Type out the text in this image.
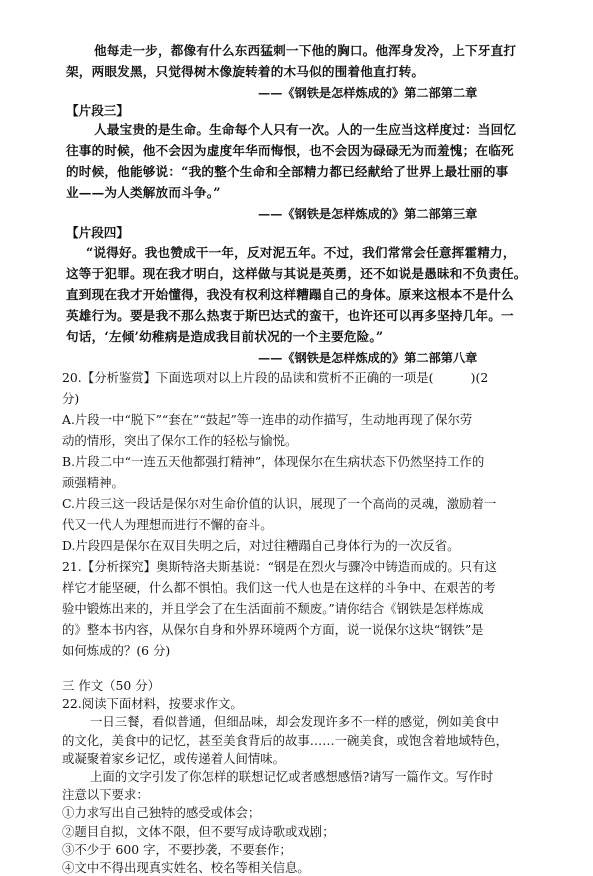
他每走一步，都像有什么东西猛刺一下他的胸口。他浑身发冷，上下牙直打
架，两眼发黑，只觉得树木像旋转着的木马似的围着他直打转。
——《钢铁是怎样炼成的》第二部第二章
【片段三】
人最宝贵的是生命。生命每个人只有一次。人的一生应当这样度过：当回忆
往事的时候，他不会因为虚度年华而悔恨，也不会因为碌碌无为而羞愧；在临死
的时候，他能够说：“我的整个生命和全部精力都已经献给了世界上最壮丽的事
业——为人类解放而斗争。”
——《钢铁是怎样炼成的》第二部第三章
【片段四】
“说得好。我也赞成干一年，反对泥五年。不过，我们常常会任意挥霍精力，
这等于犯罪。现在我才明白，这样做与其说是英勇，还不如说是愚昧和不负责任。
直到现在我才开始懂得，我没有权利这样糟蹋自己的身体。原来这根本不是什么
英雄行为。要是我不那么热衷于斯巴达式的蛮干，也许还可以再多坚持几年。一
句话，‘左倾’幼稚病是造成我目前状况的一个主要危险。”
——《钢铁是怎样炼成的》第二部第八章
20.【分析鉴赏】下面选项对以上片段的品读和赏析不正确的一项是(　　　)(2
分)
A.片段一中“脱下”“套在”“鼓起”等一连串的动作描写，生动地再现了保尔劳
动的情形，突出了保尔工作的轻松与愉悦。
B.片段二中“一连五天他都强打精神”，体现保尔在生病状态下仍然坚持工作的
顽强精神。
C.片段三这一段话是保尔对生命价值的认识，展现了一个高尚的灵魂，激励着一
代又一代人为理想而进行不懈的奋斗。
D.片段四是保尔在双目失明之后，对过往糟蹋自己身体行为的一次反省。
21.【分析探究】奥斯特洛夫斯基说：“钢是在烈火与骤冷中铸造而成的。只有这
样它才能坚硬，什么都不惧怕。我们这一代人也是在这样的斗争中、在艰苦的考
验中锻炼出来的，并且学会了在生活面前不颓废。”请你结合《钢铁是怎样炼成
的》整本书内容，从保尔自身和外界环境两个方面，说一说保尔这块“钢铁”是
如何炼成的？(6 分)
三 作文（50 分）
22.阅读下面材料，按要求作文。
一日三餐，看似普通，但细品味，却会发现许多不一样的感觉，例如美食中
的文化，美食中的记忆，甚至美食背后的故事……一碗美食，或饱含着地域特色，
或凝聚着家乡记忆，或传递着人间情味。
上面的文字引发了你怎样的联想记忆或者感想感悟?请写一篇作文。写作时
注意以下要求：
①力求写出自己独特的感受或体会；
②题目自拟，文体不限，但不要写成诗歌或戏剧；
③不少于 600 字，不要抄袭，不要套作；
④文中不得出现真实姓名、校名等相关信息。
